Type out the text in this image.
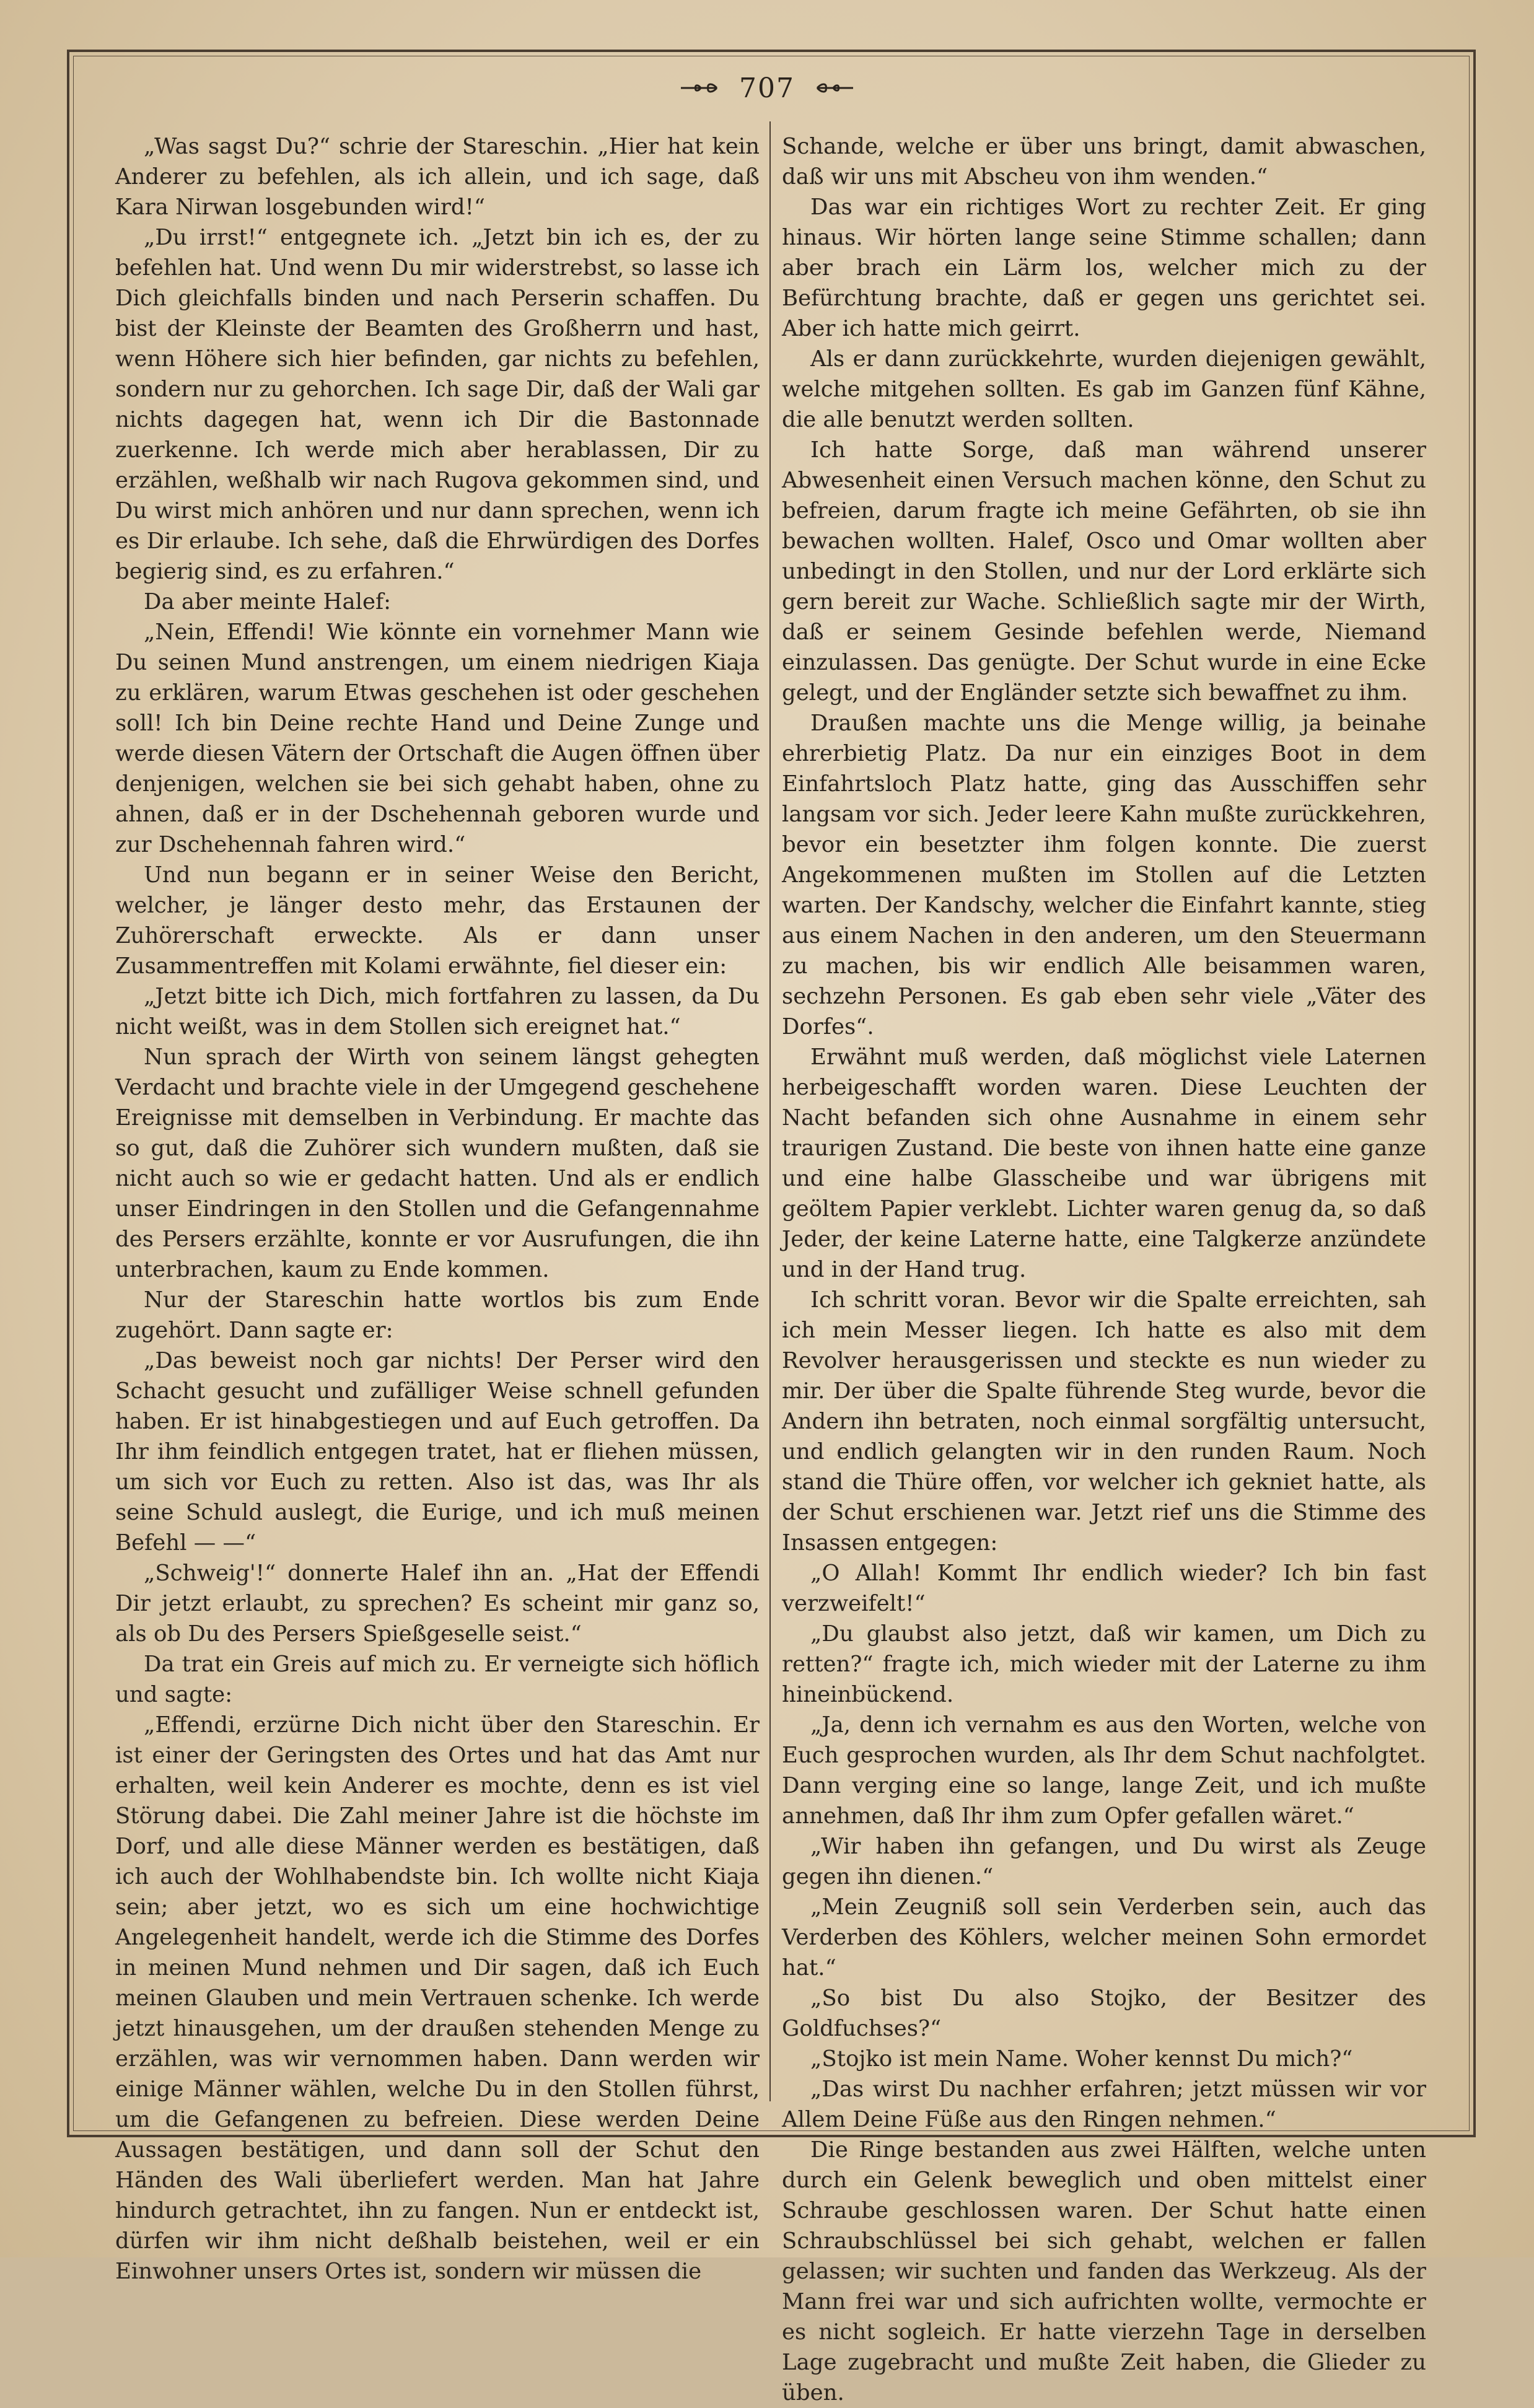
707

„Was sagst Du?“ schrie der Stareschin. „Hier hat kein Anderer zu befehlen, als ich allein, und ich sage, daß Kara Nirwan losgebunden wird!“

„Du irrst!“ entgegnete ich. „Jetzt bin ich es, der zu befehlen hat. Und wenn Du mir widerstrebst, so lasse ich Dich gleichfalls binden und nach Perserin schaffen. Du bist der Kleinste der Beamten des Großherrn und hast, wenn Höhere sich hier befinden, gar nichts zu befehlen, sondern nur zu gehorchen. Ich sage Dir, daß der Wali gar nichts dagegen hat, wenn ich Dir die Bastonnade zuerkenne. Ich werde mich aber herablassen, Dir zu erzählen, weßhalb wir nach Rugova gekommen sind, und Du wirst mich anhören und nur dann sprechen, wenn ich es Dir erlaube. Ich sehe, daß die Ehrwürdigen des Dorfes begierig sind, es zu erfahren.“

Da aber meinte Halef:

„Nein, Effendi! Wie könnte ein vornehmer Mann wie Du seinen Mund anstrengen, um einem niedrigen Kiaja zu erklären, warum Etwas geschehen ist oder geschehen soll! Ich bin Deine rechte Hand und Deine Zunge und werde diesen Vätern der Ortschaft die Augen öffnen über denjenigen, welchen sie bei sich gehabt haben, ohne zu ahnen, daß er in der Dschehennah geboren wurde und zur Dschehennah fahren wird.“

Und nun begann er in seiner Weise den Bericht, welcher, je länger desto mehr, das Erstaunen der Zuhörerschaft erweckte. Als er dann unser Zusammentreffen mit Kolami erwähnte, fiel dieser ein:

„Jetzt bitte ich Dich, mich fortfahren zu lassen, da Du nicht weißt, was in dem Stollen sich ereignet hat.“

Nun sprach der Wirth von seinem längst gehegten Verdacht und brachte viele in der Umgegend geschehene Ereignisse mit demselben in Verbindung. Er machte das so gut, daß die Zuhörer sich wundern mußten, daß sie nicht auch so wie er gedacht hatten. Und als er endlich unser Eindringen in den Stollen und die Gefangennahme des Persers erzählte, konnte er vor Ausrufungen, die ihn unterbrachen, kaum zu Ende kommen.

Nur der Stareschin hatte wortlos bis zum Ende zugehört. Dann sagte er:

„Das beweist noch gar nichts! Der Perser wird den Schacht gesucht und zufälliger Weise schnell gefunden haben. Er ist hinabgestiegen und auf Euch getroffen. Da Ihr ihm feindlich entgegen tratet, hat er fliehen müssen, um sich vor Euch zu retten. Also ist das, was Ihr als seine Schuld auslegt, die Eurige, und ich muß meinen Befehl — —“

„Schweig'!“ donnerte Halef ihn an. „Hat der Effendi Dir jetzt erlaubt, zu sprechen? Es scheint mir ganz so, als ob Du des Persers Spießgeselle seist.“

Da trat ein Greis auf mich zu. Er verneigte sich höflich und sagte:

„Effendi, erzürne Dich nicht über den Stareschin. Er ist einer der Geringsten des Ortes und hat das Amt nur erhalten, weil kein Anderer es mochte, denn es ist viel Störung dabei. Die Zahl meiner Jahre ist die höchste im Dorf, und alle diese Männer werden es bestätigen, daß ich auch der Wohlhabendste bin. Ich wollte nicht Kiaja sein; aber jetzt, wo es sich um eine hochwichtige Angelegenheit handelt, werde ich die Stimme des Dorfes in meinen Mund nehmen und Dir sagen, daß ich Euch meinen Glauben und mein Vertrauen schenke. Ich werde jetzt hinausgehen, um der draußen stehenden Menge zu erzählen, was wir vernommen haben. Dann werden wir einige Männer wählen, welche Du in den Stollen führst, um die Gefangenen zu befreien. Diese werden Deine Aussagen bestätigen, und dann soll der Schut den Händen des Wali überliefert werden. Man hat Jahre hindurch getrachtet, ihn zu fangen. Nun er entdeckt ist, dürfen wir ihm nicht deßhalb beistehen, weil er ein Einwohner unsers Ortes ist, sondern wir müssen die

Schande, welche er über uns bringt, damit abwaschen, daß wir uns mit Abscheu von ihm wenden.“

Das war ein richtiges Wort zu rechter Zeit. Er ging hinaus. Wir hörten lange seine Stimme schallen; dann aber brach ein Lärm los, welcher mich zu der Befürchtung brachte, daß er gegen uns gerichtet sei. Aber ich hatte mich geirrt.

Als er dann zurückkehrte, wurden diejenigen gewählt, welche mitgehen sollten. Es gab im Ganzen fünf Kähne, die alle benutzt werden sollten.

Ich hatte Sorge, daß man während unserer Abwesenheit einen Versuch machen könne, den Schut zu befreien, darum fragte ich meine Gefährten, ob sie ihn bewachen wollten. Halef, Osco und Omar wollten aber unbedingt in den Stollen, und nur der Lord erklärte sich gern bereit zur Wache. Schließlich sagte mir der Wirth, daß er seinem Gesinde befehlen werde, Niemand einzulassen. Das genügte. Der Schut wurde in eine Ecke gelegt, und der Engländer setzte sich bewaffnet zu ihm.

Draußen machte uns die Menge willig, ja beinahe ehrerbietig Platz. Da nur ein einziges Boot in dem Einfahrtsloch Platz hatte, ging das Ausschiffen sehr langsam vor sich. Jeder leere Kahn mußte zurückkehren, bevor ein besetzter ihm folgen konnte. Die zuerst Angekommenen mußten im Stollen auf die Letzten warten. Der Kandschy, welcher die Einfahrt kannte, stieg aus einem Nachen in den anderen, um den Steuermann zu machen, bis wir endlich Alle beisammen waren, sechzehn Personen. Es gab eben sehr viele „Väter des Dorfes“.

Erwähnt muß werden, daß möglichst viele Laternen herbeigeschafft worden waren. Diese Leuchten der Nacht befanden sich ohne Ausnahme in einem sehr traurigen Zustand. Die beste von ihnen hatte eine ganze und eine halbe Glasscheibe und war übrigens mit geöltem Papier verklebt. Lichter waren genug da, so daß Jeder, der keine Laterne hatte, eine Talgkerze anzündete und in der Hand trug.

Ich schritt voran. Bevor wir die Spalte erreichten, sah ich mein Messer liegen. Ich hatte es also mit dem Revolver herausgerissen und steckte es nun wieder zu mir. Der über die Spalte führende Steg wurde, bevor die Andern ihn betraten, noch einmal sorgfältig untersucht, und endlich gelangten wir in den runden Raum. Noch stand die Thüre offen, vor welcher ich gekniet hatte, als der Schut erschienen war. Jetzt rief uns die Stimme des Insassen entgegen:

„O Allah! Kommt Ihr endlich wieder? Ich bin fast verzweifelt!“

„Du glaubst also jetzt, daß wir kamen, um Dich zu retten?“ fragte ich, mich wieder mit der Laterne zu ihm hineinbückend.

„Ja, denn ich vernahm es aus den Worten, welche von Euch gesprochen wurden, als Ihr dem Schut nachfolgtet. Dann verging eine so lange, lange Zeit, und ich mußte annehmen, daß Ihr ihm zum Opfer gefallen wäret.“

„Wir haben ihn gefangen, und Du wirst als Zeuge gegen ihn dienen.“

„Mein Zeugniß soll sein Verderben sein, auch das Verderben des Köhlers, welcher meinen Sohn ermordet hat.“

„So bist Du also Stojko, der Besitzer des Goldfuchses?“

„Stojko ist mein Name. Woher kennst Du mich?“

„Das wirst Du nachher erfahren; jetzt müssen wir vor Allem Deine Füße aus den Ringen nehmen.“

Die Ringe bestanden aus zwei Hälften, welche unten durch ein Gelenk beweglich und oben mittelst einer Schraube geschlossen waren. Der Schut hatte einen Schraubschlüssel bei sich gehabt, welchen er fallen gelassen; wir suchten und fanden das Werkzeug. Als der Mann frei war und sich aufrichten wollte, vermochte er es nicht sogleich. Er hatte vierzehn Tage in derselben Lage zugebracht und mußte Zeit haben, die Glieder zu üben.
